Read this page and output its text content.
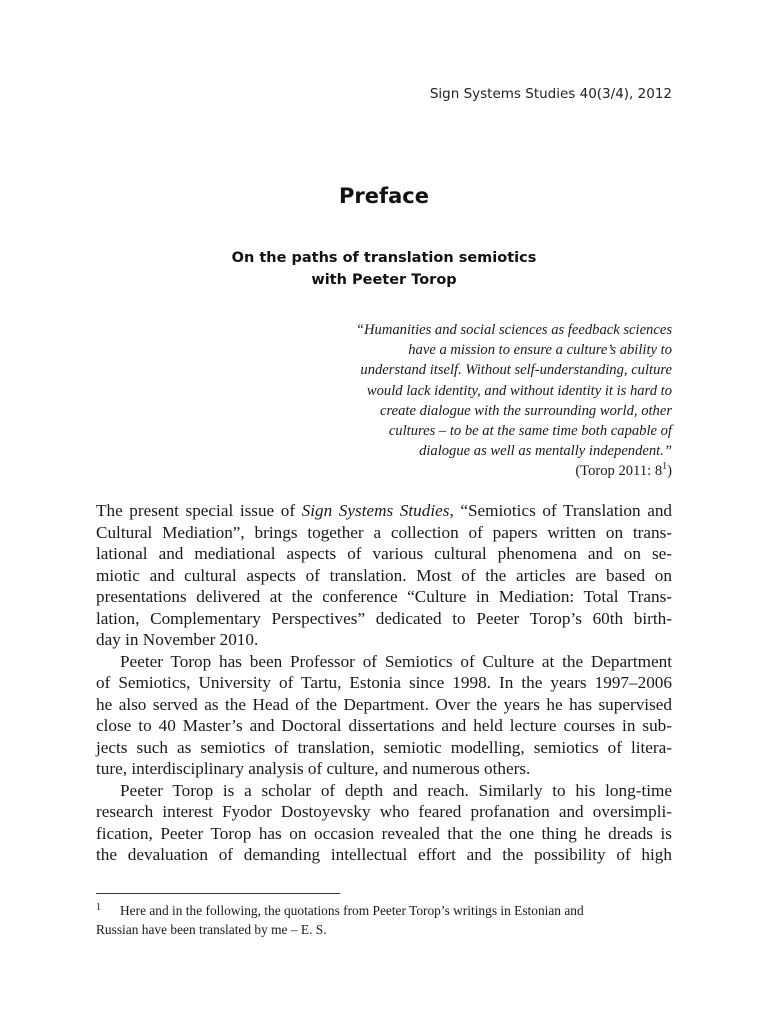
Sign Systems Studies 40(3/4), 2012
Preface
On the paths of translation semiotics
with Peeter Torop
“Humanities and social sciences as feedback sciences
have a mission to ensure a culture’s ability to
understand itself. Without self-understanding, culture
would lack identity, and without identity it is hard to
create dialogue with the surrounding world, other
cultures – to be at the same time both capable of
dialogue as well as mentally independent.”
(Torop 2011: $8^1$)
The present special issue of Sign Systems Studies, “Semiotics of Translation and
Cultural Mediation”, brings together a collection of papers written on trans-
lational and mediational aspects of various cultural phenomena and on se-
miotic and cultural aspects of translation. Most of the articles are based on
presentations delivered at the conference “Culture in Mediation: Total Trans-
lation, Complementary Perspectives” dedicated to Peeter Torop’s 60th birth-
day in November 2010.
Peeter Torop has been Professor of Semiotics of Culture at the Department
of Semiotics, University of Tartu, Estonia since 1998. In the years 1997–2006
he also served as the Head of the Department. Over the years he has supervised
close to 40 Master’s and Doctoral dissertations and held lecture courses in sub-
jects such as semiotics of translation, semiotic modelling, semiotics of litera-
ture, interdisciplinary analysis of culture, and numerous others.
Peeter Torop is a scholar of depth and reach. Similarly to his long-time
research interest Fyodor Dostoyevsky who feared profanation and oversimpli-
fication, Peeter Torop has on occasion revealed that the one thing he dreads is
the devaluation of demanding intellectual effort and the possibility of high
1 Here and in the following, the quotations from Peeter Torop’s writings in Estonian and
Russian have been translated by me – E. S.
